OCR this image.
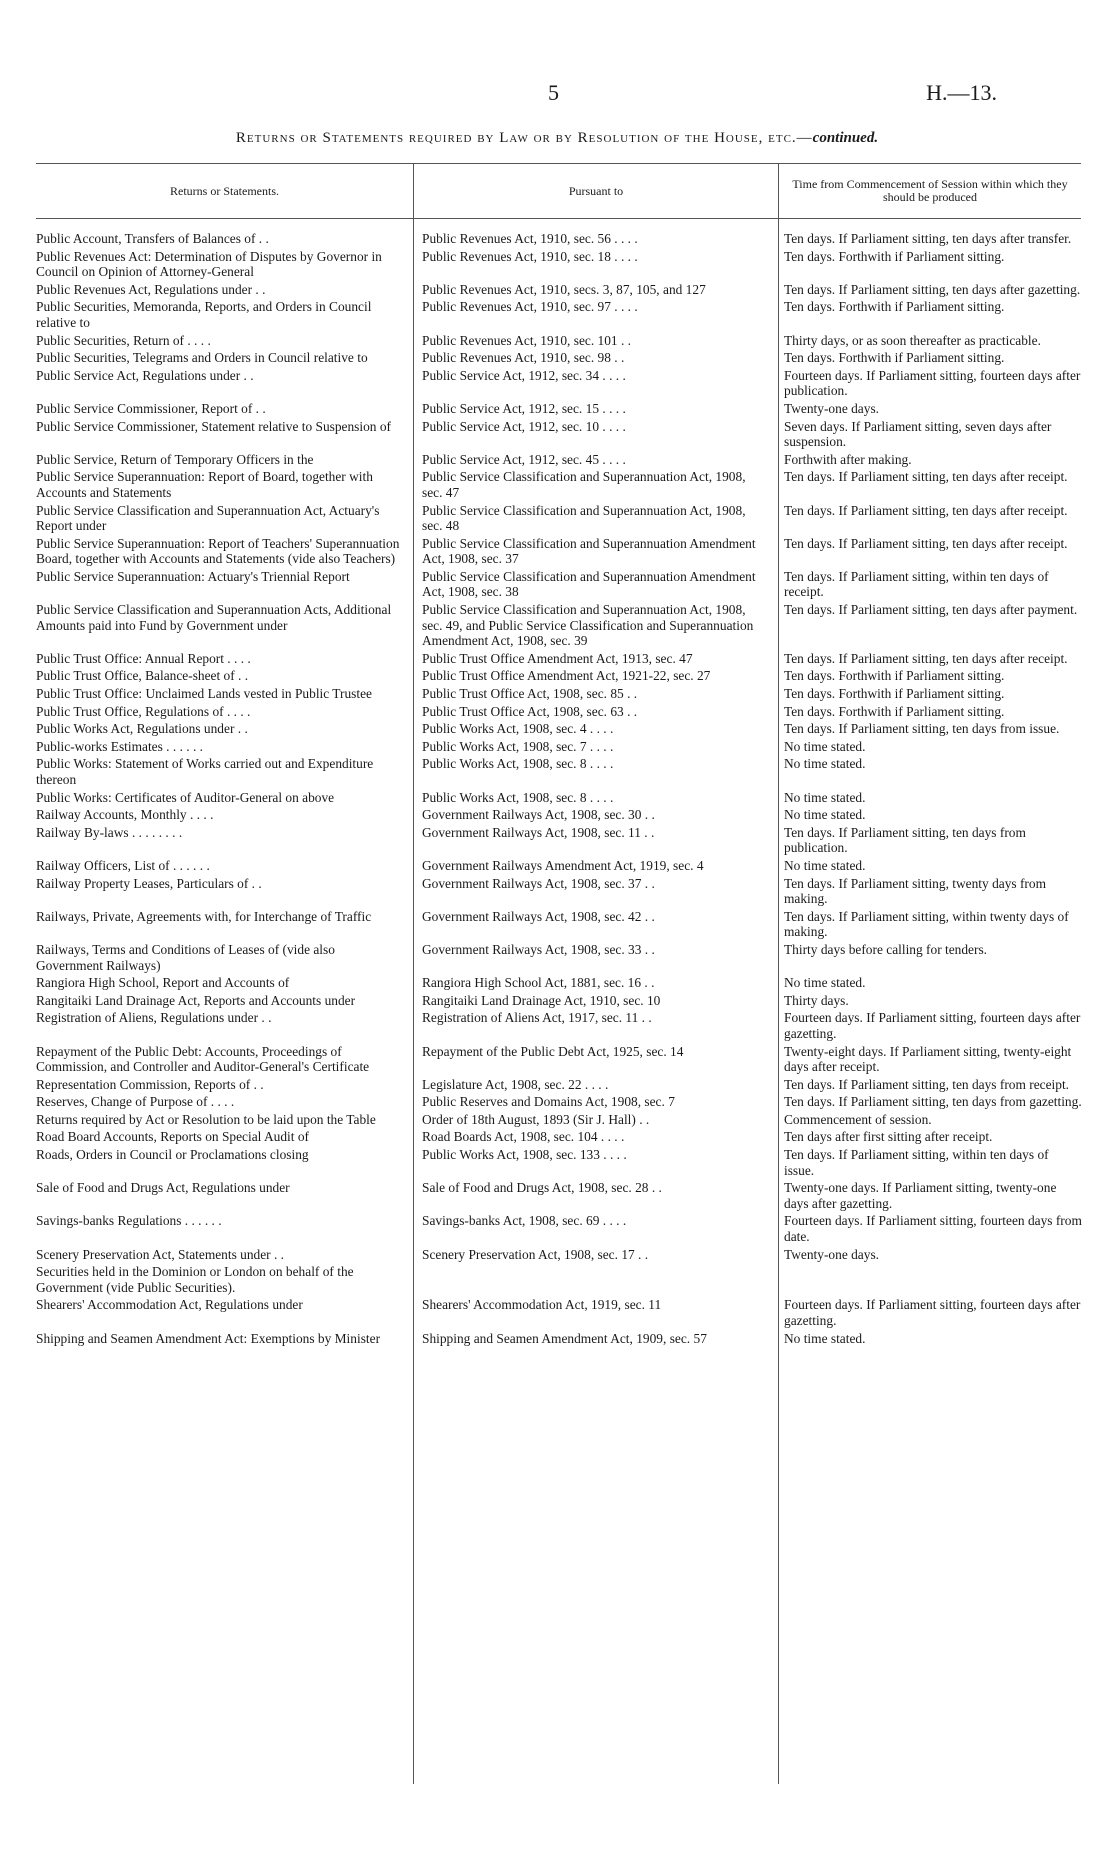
5	H.—13.
Returns or Statements required by Law or by Resolution of the House, etc.—continued.
Returns or Statements.	Pursuant to	Time from Commencement of Session within which they should be produced
Public Account, Transfers of Balances of . .	Public Revenues Act, 1910, sec. 56 . . . .	Ten days. If Parliament sitting, ten days after transfer.
Public Revenues Act: Determination of Disputes by Governor in Council on Opinion of Attorney-General	Public Revenues Act, 1910, sec. 18 . . . .	Ten days. Forthwith if Parliament sitting.
Public Revenues Act, Regulations under . .	Public Revenues Act, 1910, secs. 3, 87, 105, and 127	Ten days. If Parliament sitting, ten days after gazetting.
Public Securities, Memoranda, Reports, and Orders in Council relative to	Public Revenues Act, 1910, sec. 97 . . . .	Ten days. Forthwith if Parliament sitting.
Public Securities, Return of . . . .	Public Revenues Act, 1910, sec. 101 . .	Thirty days, or as soon thereafter as practicable.
Public Securities, Telegrams and Orders in Council relative to	Public Revenues Act, 1910, sec. 98 . .	Ten days. Forthwith if Parliament sitting.
Public Service Act, Regulations under . .	Public Service Act, 1912, sec. 34 . . . .	Fourteen days. If Parliament sitting, fourteen days after publication.
Public Service Commissioner, Report of . .	Public Service Act, 1912, sec. 15 . . . .	Twenty-one days.
Public Service Commissioner, Statement relative to Suspension of	Public Service Act, 1912, sec. 10 . . . .	Seven days. If Parliament sitting, seven days after suspension.
Public Service, Return of Temporary Officers in the	Public Service Act, 1912, sec. 45 . . . .	Forthwith after making.
Public Service Superannuation: Report of Board, together with Accounts and Statements	Public Service Classification and Superannuation Act, 1908, sec. 47	Ten days. If Parliament sitting, ten days after receipt.
Public Service Classification and Superannuation Act, Actuary's Report under	Public Service Classification and Superannuation Act, 1908, sec. 48	Ten days. If Parliament sitting, ten days after receipt.
Public Service Superannuation: Report of Teachers' Superannuation Board, together with Accounts and Statements (vide also Teachers)	Public Service Classification and Superannuation Amendment Act, 1908, sec. 37	Ten days. If Parliament sitting, ten days after receipt.
Public Service Superannuation: Actuary's Triennial Report	Public Service Classification and Superannuation Amendment Act, 1908, sec. 38	Ten days. If Parliament sitting, within ten days of receipt.
Public Service Classification and Superannuation Acts, Additional Amounts paid into Fund by Government under	Public Service Classification and Superannuation Act, 1908, sec. 49, and Public Service Classification and Superannuation Amendment Act, 1908, sec. 39	Ten days. If Parliament sitting, ten days after payment.
Public Trust Office: Annual Report . . . .	Public Trust Office Amendment Act, 1913, sec. 47	Ten days. If Parliament sitting, ten days after receipt.
Public Trust Office, Balance-sheet of . .	Public Trust Office Amendment Act, 1921-22, sec. 27	Ten days. Forthwith if Parliament sitting.
Public Trust Office: Unclaimed Lands vested in Public Trustee	Public Trust Office Act, 1908, sec. 85 . .	Ten days. Forthwith if Parliament sitting.
Public Trust Office, Regulations of . . . .	Public Trust Office Act, 1908, sec. 63 . .	Ten days. Forthwith if Parliament sitting.
Public Works Act, Regulations under . .	Public Works Act, 1908, sec. 4 . . . .	Ten days. If Parliament sitting, ten days from issue.
Public-works Estimates . . . . . .	Public Works Act, 1908, sec. 7 . . . .	No time stated.
Public Works: Statement of Works carried out and Expenditure thereon	Public Works Act, 1908, sec. 8 . . . .	No time stated.
Public Works: Certificates of Auditor-General on above	Public Works Act, 1908, sec. 8 . . . .	No time stated.
Railway Accounts, Monthly . . . .	Government Railways Act, 1908, sec. 30 . .	No time stated.
Railway By-laws . . . . . . . .	Government Railways Act, 1908, sec. 11 . .	Ten days. If Parliament sitting, ten days from publication.
Railway Officers, List of . . . . . .	Government Railways Amendment Act, 1919, sec. 4	No time stated.
Railway Property Leases, Particulars of . .	Government Railways Act, 1908, sec. 37 . .	Ten days. If Parliament sitting, twenty days from making.
Railways, Private, Agreements with, for Interchange of Traffic	Government Railways Act, 1908, sec. 42 . .	Ten days. If Parliament sitting, within twenty days of making.
Railways, Terms and Conditions of Leases of (vide also Government Railways)	Government Railways Act, 1908, sec. 33 . .	Thirty days before calling for tenders.
Rangiora High School, Report and Accounts of	Rangiora High School Act, 1881, sec. 16 . .	No time stated.
Rangitaiki Land Drainage Act, Reports and Accounts under	Rangitaiki Land Drainage Act, 1910, sec. 10	Thirty days.
Registration of Aliens, Regulations under . .	Registration of Aliens Act, 1917, sec. 11 . .	Fourteen days. If Parliament sitting, fourteen days after gazetting.
Repayment of the Public Debt: Accounts, Proceedings of Commission, and Controller and Auditor-General's Certificate	Repayment of the Public Debt Act, 1925, sec. 14	Twenty-eight days. If Parliament sitting, twenty-eight days after receipt.
Representation Commission, Reports of . .	Legislature Act, 1908, sec. 22 . . . .	Ten days. If Parliament sitting, ten days from receipt.
Reserves, Change of Purpose of . . . .	Public Reserves and Domains Act, 1908, sec. 7	Ten days. If Parliament sitting, ten days from gazetting.
Returns required by Act or Resolution to be laid upon the Table	Order of 18th August, 1893 (Sir J. Hall) . .	Commencement of session.
Road Board Accounts, Reports on Special Audit of	Road Boards Act, 1908, sec. 104 . . . .	Ten days after first sitting after receipt.
Roads, Orders in Council or Proclamations closing	Public Works Act, 1908, sec. 133 . . . .	Ten days. If Parliament sitting, within ten days of issue.
Sale of Food and Drugs Act, Regulations under	Sale of Food and Drugs Act, 1908, sec. 28 . .	Twenty-one days. If Parliament sitting, twenty-one days after gazetting.
Savings-banks Regulations . . . . . .	Savings-banks Act, 1908, sec. 69 . . . .	Fourteen days. If Parliament sitting, fourteen days from date.
Scenery Preservation Act, Statements under . .	Scenery Preservation Act, 1908, sec. 17 . .	Twenty-one days.
Securities held in the Dominion or London on behalf of the Government (vide Public Securities).		
Shearers' Accommodation Act, Regulations under	Shearers' Accommodation Act, 1919, sec. 11	Fourteen days. If Parliament sitting, fourteen days after gazetting.
Shipping and Seamen Amendment Act: Exemptions by Minister	Shipping and Seamen Amendment Act, 1909, sec. 57	No time stated.
